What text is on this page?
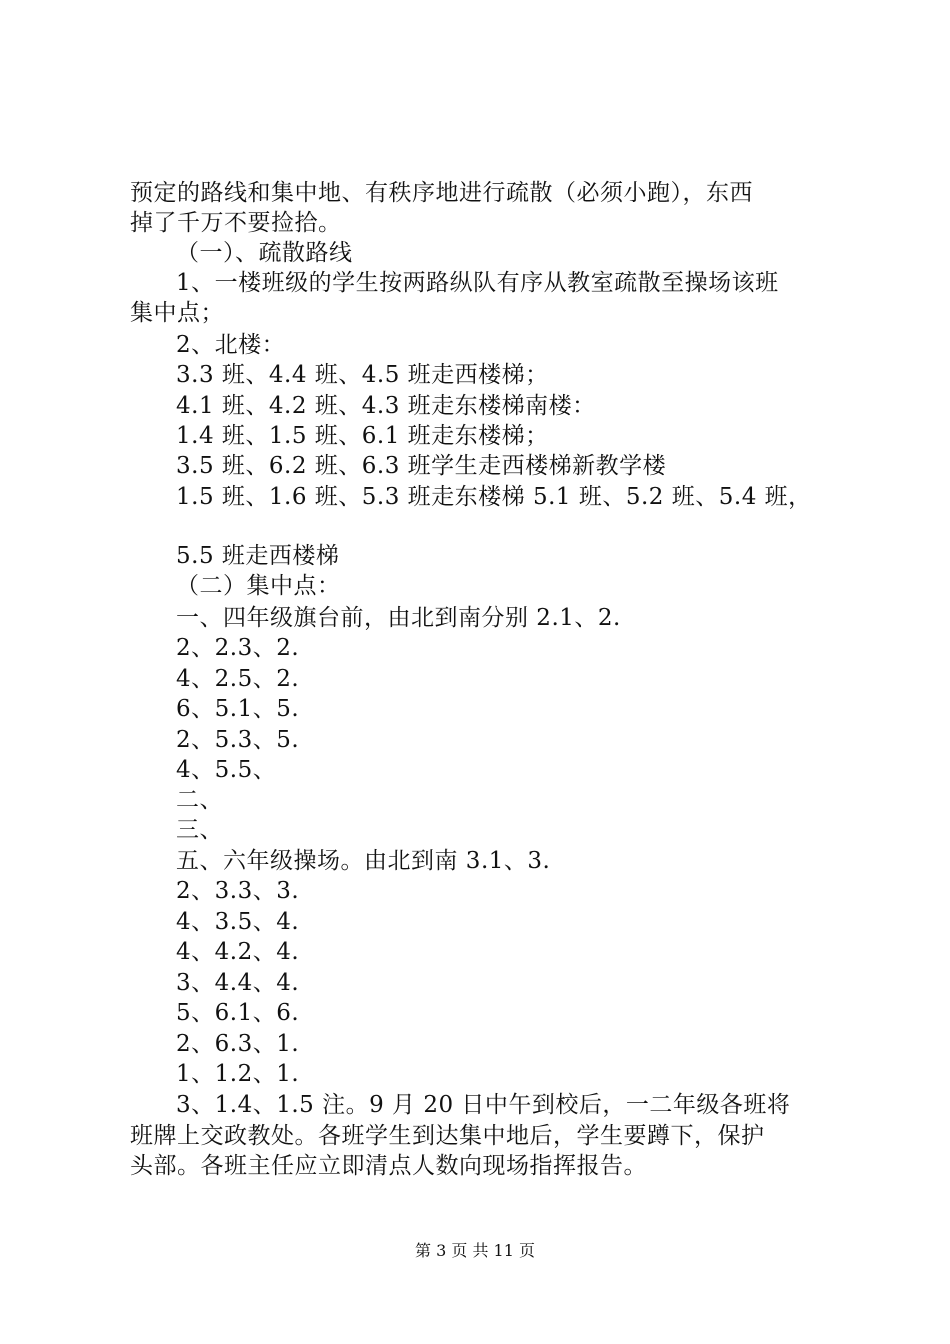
预定的路线和集中地、有秩序地进行疏散（必须小跑），东西
掉了千万不要捡拾。
（一）、疏散路线
1、一楼班级的学生按两路纵队有序从教室疏散至操场该班
集中点；
2、北楼：
3.3 班、4.4 班、4.5 班走西楼梯；
4.1 班、4.2 班、4.3 班走东楼梯南楼：
1.4 班、1.5 班、6.1 班走东楼梯；
3.5 班、6.2 班、6.3 班学生走西楼梯新教学楼
1.5 班、1.6 班、5.3 班走东楼梯 5.1 班、5.2 班、5.4 班，
5.5 班走西楼梯
（二）集中点：
一、四年级旗台前，由北到南分别 2.1、2.
2、2.3、2.
4、2.5、2.
6、5.1、5.
2、5.3、5.
4、5.5、
二、
三、
五、六年级操场。由北到南 3.1、3.
2、3.3、3.
4、3.5、4.
4、4.2、4.
3、4.4、4.
5、6.1、6.
2、6.3、1.
1、1.2、1.
3、1.4、1.5 注。9 月 20 日中午到校后，一二年级各班将
班牌上交政教处。各班学生到达集中地后，学生要蹲下，保护
头部。各班主任应立即清点人数向现场指挥报告。
第 3 页 共 11 页
